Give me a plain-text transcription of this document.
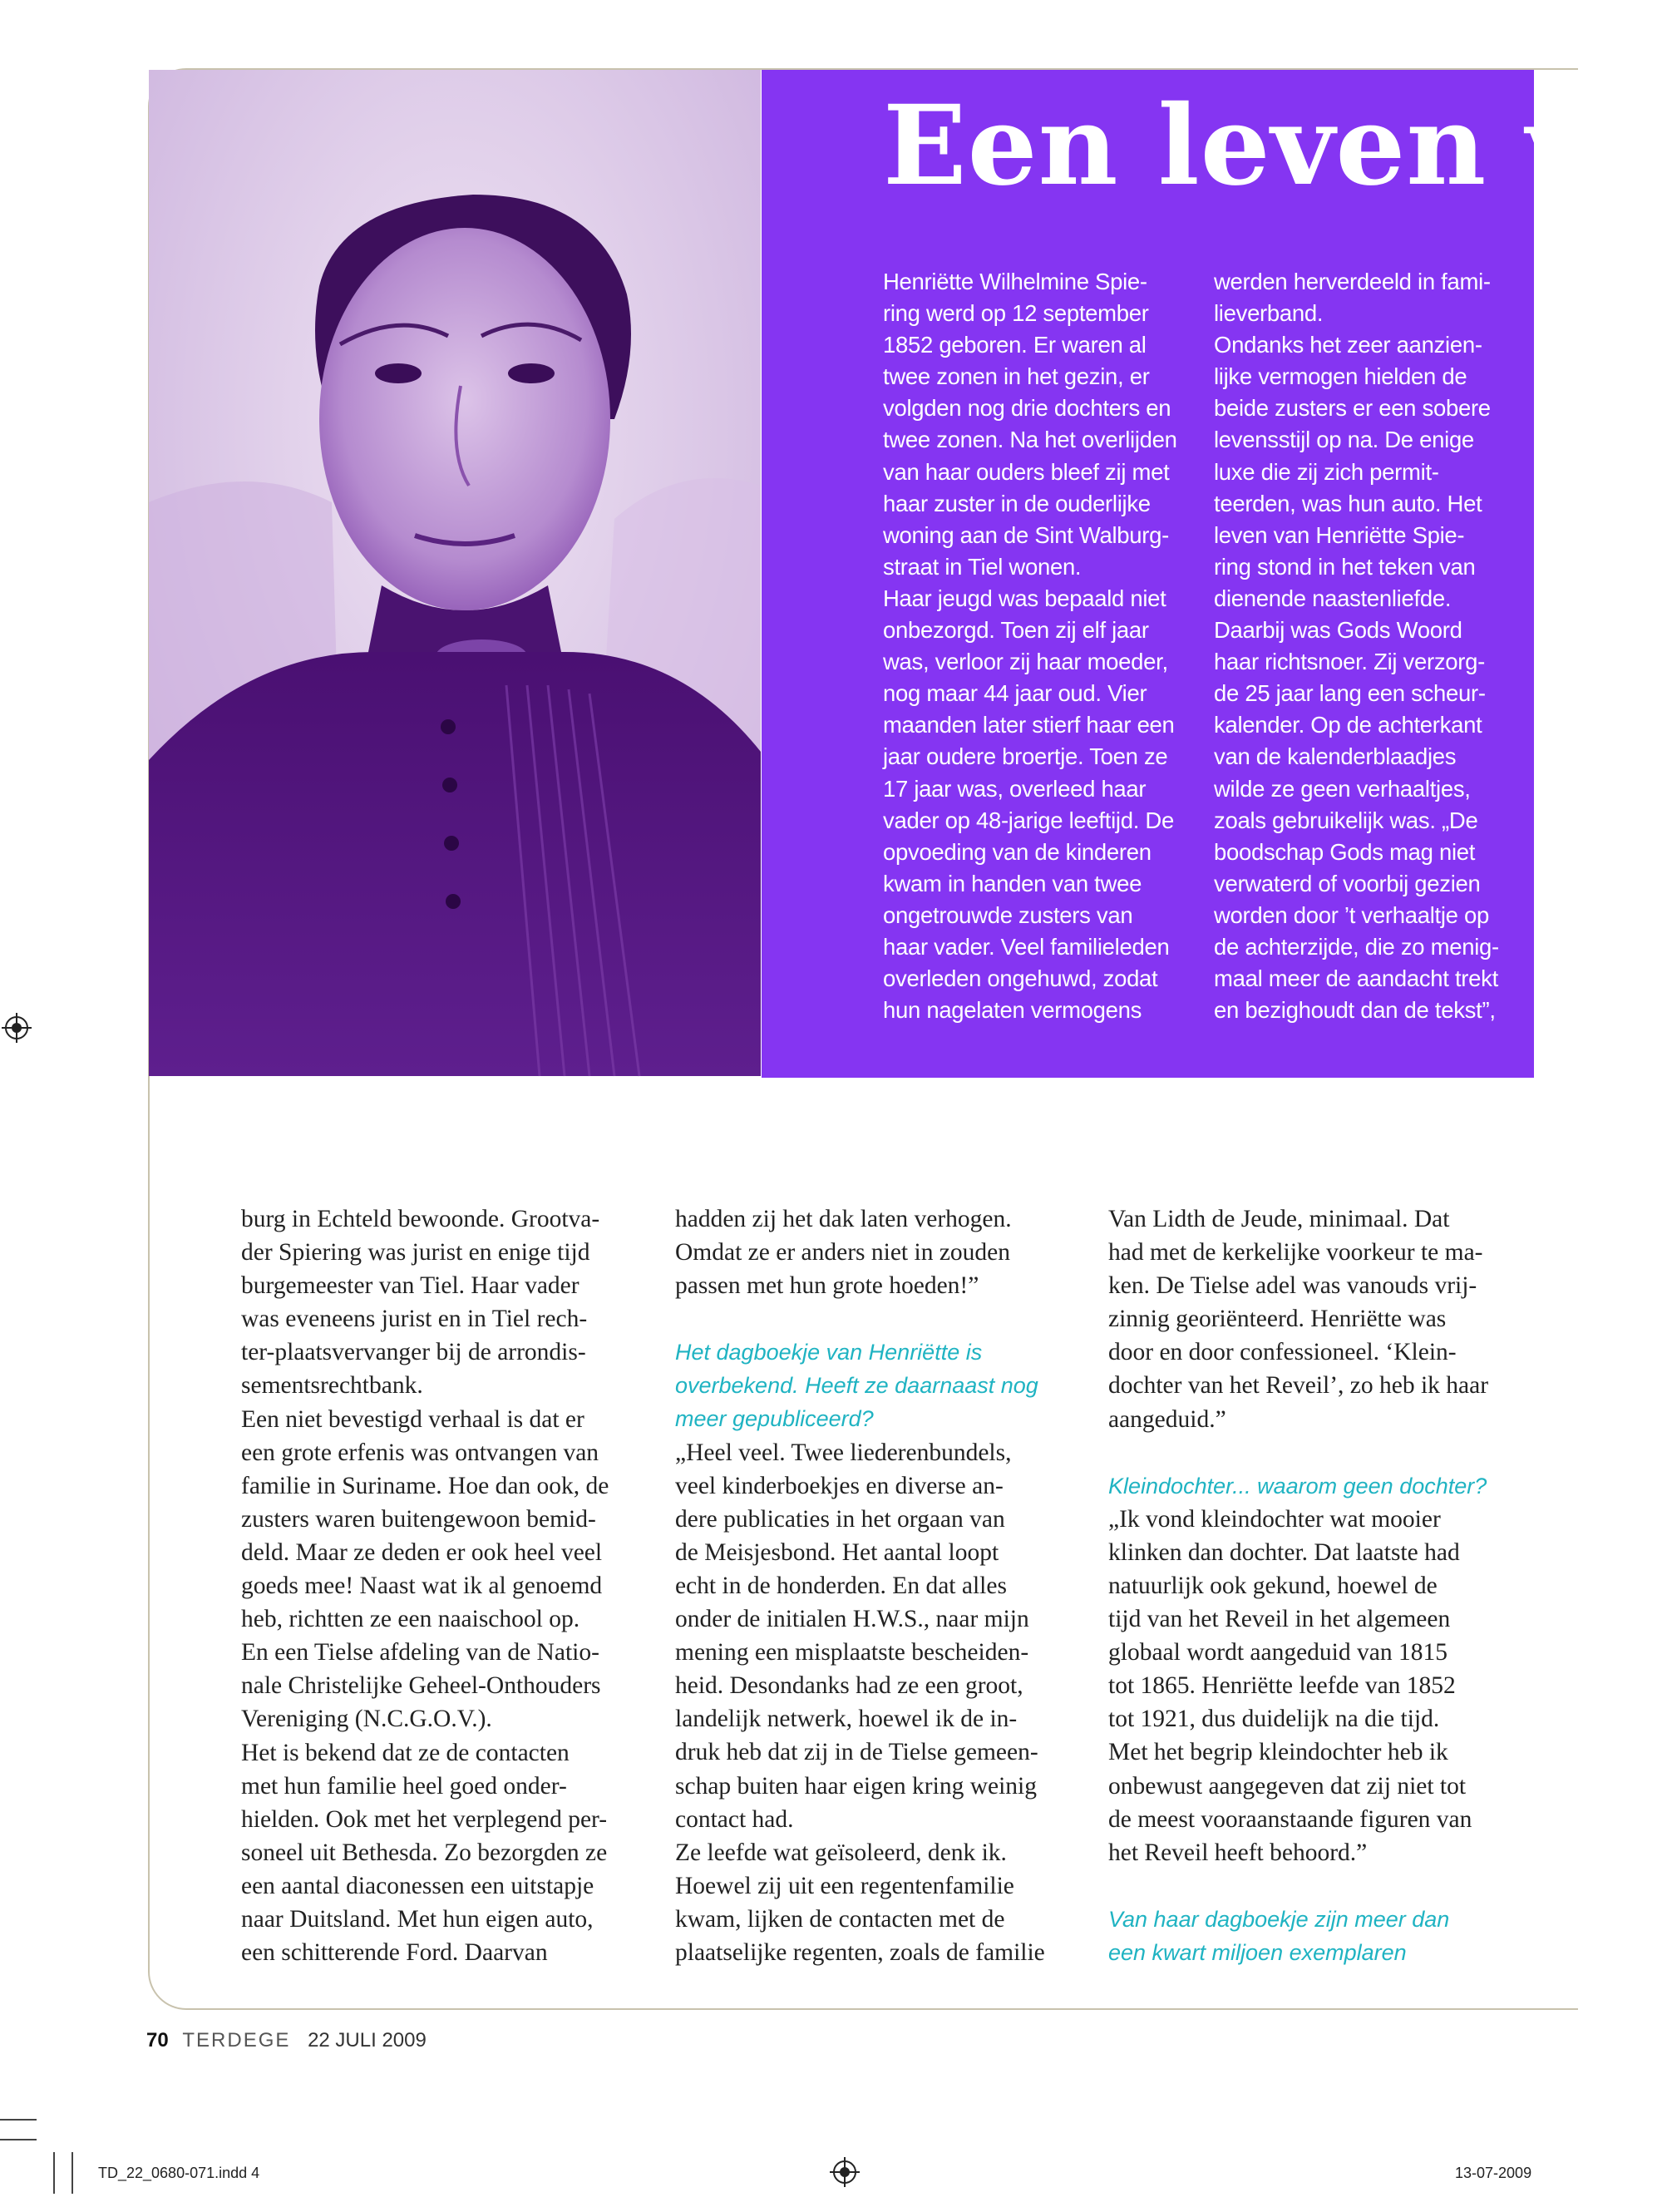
Een leven va
Henriëtte Wilhelmine Spie-
ring werd op 12 september
1852 geboren. Er waren al
twee zonen in het gezin, er
volgden nog drie dochters en
twee zonen. Na het overlijden
van haar ouders bleef zij met
haar zuster in de ouderlijke
woning aan de Sint Walburg-
straat in Tiel wonen.
Haar jeugd was bepaald niet
onbezorgd. Toen zij elf jaar
was, verloor zij haar moeder,
nog maar 44 jaar oud. Vier
maanden later stierf haar een
jaar oudere broertje. Toen ze
17 jaar was, overleed haar
vader op 48-jarige leeftijd. De
opvoeding van de kinderen
kwam in handen van twee
ongetrouwde zusters van
haar vader. Veel familieleden
overleden ongehuwd, zodat
hun nagelaten vermogens
werden herverdeeld in fami-
lieverband.
Ondanks het zeer aanzien-
lijke vermogen hielden de
beide zusters er een sobere
levensstijl op na. De enige
luxe die zij zich permit-
teerden, was hun auto. Het
leven van Henriëtte Spie-
ring stond in het teken van
dienende naastenliefde.
Daarbij was Gods Woord
haar richtsnoer. Zij verzorg-
de 25 jaar lang een scheur-
kalender. Op de achterkant
van de kalenderblaadjes
wilde ze geen verhaaltjes,
zoals gebruikelijk was. „De
boodschap Gods mag niet
verwaterd of voorbij gezien
worden door ’t verhaaltje op
de achterzijde, die zo menig-
maal meer de aandacht trekt
en bezighoudt dan de tekst”,
burg in Echteld bewoonde. Grootva-
der Spiering was jurist en enige tijd
burgemeester van Tiel. Haar vader
was eveneens jurist en in Tiel rech-
ter-plaatsvervanger bij de arrondis-
sementsrechtbank.
Een niet bevestigd verhaal is dat er
een grote erfenis was ontvangen van
familie in Suriname. Hoe dan ook, de
zusters waren buitengewoon bemid-
deld. Maar ze deden er ook heel veel
goeds mee! Naast wat ik al genoemd
heb, richtten ze een naaischool op.
En een Tielse afdeling van de Natio-
nale Christelijke Geheel-Onthouders
Vereniging (N.C.G.O.V.).
Het is bekend dat ze de contacten
met hun familie heel goed onder-
hielden. Ook met het verplegend per-
soneel uit Bethesda. Zo bezorgden ze
een aantal diaconessen een uitstapje
naar Duitsland. Met hun eigen auto,
een schitterende Ford. Daarvan
hadden zij het dak laten verhogen.
Omdat ze er anders niet in zouden
passen met hun grote hoeden!”
Het dagboekje van Henriëtte is
overbekend. Heeft ze daarnaast nog
meer gepubliceerd?
„Heel veel. Twee liederenbundels,
veel kinderboekjes en diverse an-
dere publicaties in het orgaan van
de Meisjesbond. Het aantal loopt
echt in de honderden. En dat alles
onder de initialen H.W.S., naar mijn
mening een misplaatste bescheiden-
heid. Desondanks had ze een groot,
landelijk netwerk, hoewel ik de in-
druk heb dat zij in de Tielse gemeen-
schap buiten haar eigen kring weinig
contact had.
Ze leefde wat geïsoleerd, denk ik.
Hoewel zij uit een regentenfamilie
kwam, lijken de contacten met de
plaatselijke regenten, zoals de familie
Van Lidth de Jeude, minimaal. Dat
had met de kerkelijke voorkeur te ma-
ken. De Tielse adel was vanouds vrij-
zinnig georiënteerd. Henriëtte was
door en door confessioneel. ‘Klein-
dochter van het Reveil’, zo heb ik haar
aangeduid.”
Kleindochter... waarom geen dochter?
„Ik vond kleindochter wat mooier
klinken dan dochter. Dat laatste had
natuurlijk ook gekund, hoewel de
tijd van het Reveil in het algemeen
globaal wordt aangeduid van 1815
tot 1865. Henriëtte leefde van 1852
tot 1921, dus duidelijk na die tijd.
Met het begrip kleindochter heb ik
onbewust aangegeven dat zij niet tot
de meest vooraanstaande figuren van
het Reveil heeft behoord.”
Van haar dagboekje zijn meer dan
een kwart miljoen exemplaren
70 TERDEGE 22 JULI 2009
TD_22_0680-071.indd 4	13-07-2009
